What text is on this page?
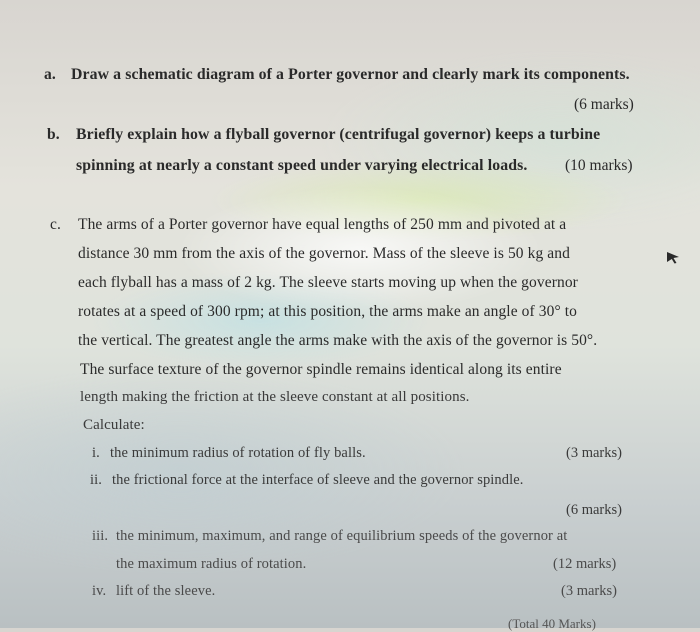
a. Draw a schematic diagram of a Porter governor and clearly mark its components.
(6 marks)
b. Briefly explain how a flyball governor (centrifugal governor) keeps a turbine
spinning at nearly a constant speed under varying electrical loads. (10 marks)
c. The arms of a Porter governor have equal lengths of 250 mm and pivoted at a
distance 30 mm from the axis of the governor. Mass of the sleeve is 50 kg and
each flyball has a mass of 2 kg. The sleeve starts moving up when the governor
rotates at a speed of 300 rpm; at this position, the arms make an angle of 30° to
the vertical. The greatest angle the arms make with the axis of the governor is 50°.
The surface texture of the governor spindle remains identical along its entire
length making the friction at the sleeve constant at all positions.
Calculate:
i. the minimum radius of rotation of fly balls.	(3 marks)
ii. the frictional force at the interface of sleeve and the governor spindle.
(6 marks)
iii. the minimum, maximum, and range of equilibrium speeds of the governor at
the maximum radius of rotation.	(12 marks)
iv. lift of the sleeve.	(3 marks)
(Total 40 Marks)
